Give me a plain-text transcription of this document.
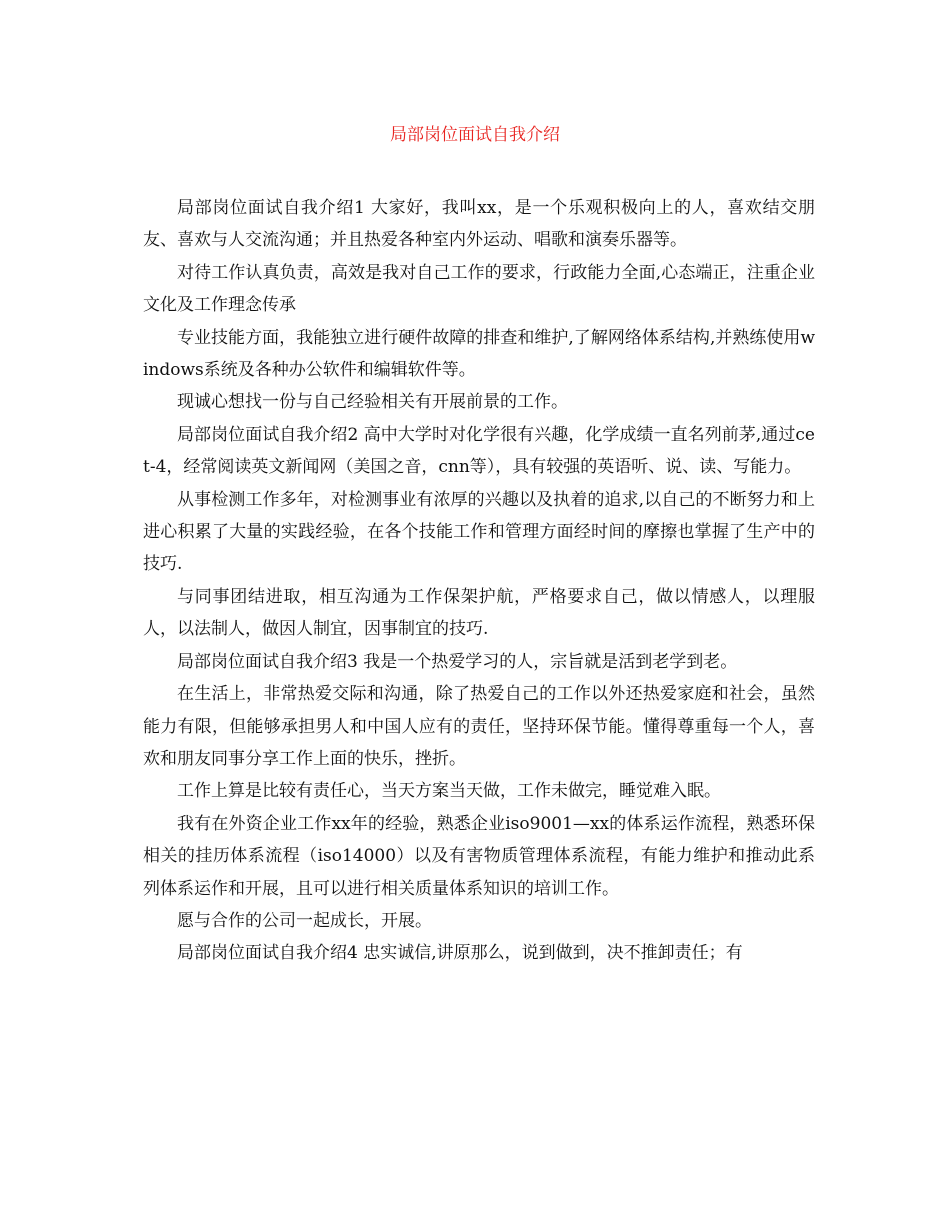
局部岗位面试自我介绍

局部岗位面试自我介绍1 大家好，我叫xx，是一个乐观积极向上的人，喜欢结交朋友、喜欢与人交流沟通；并且热爱各种室内外运动、唱歌和演奏乐器等。

对待工作认真负责，高效是我对自己工作的要求，行政能力全面,心态端正，注重企业文化及工作理念传承

专业技能方面，我能独立进行硬件故障的排查和维护,了解网络体系结构,并熟练使用windows系统及各种办公软件和编辑软件等。

现诚心想找一份与自己经验相关有开展前景的工作。

局部岗位面试自我介绍2 高中大学时对化学很有兴趣，化学成绩一直名列前茅,通过cet-4，经常阅读英文新闻网（美国之音，cnn等），具有较强的英语听、说、读、写能力。

从事检测工作多年，对检测事业有浓厚的兴趣以及执着的追求,以自己的不断努力和上进心积累了大量的实践经验，在各个技能工作和管理方面经时间的摩擦也掌握了生产中的技巧.

与同事团结进取，相互沟通为工作保架护航，严格要求自己，做以情感人，以理服人，以法制人，做因人制宜，因事制宜的技巧.

局部岗位面试自我介绍3 我是一个热爱学习的人，宗旨就是活到老学到老。

在生活上，非常热爱交际和沟通，除了热爱自己的工作以外还热爱家庭和社会，虽然能力有限，但能够承担男人和中国人应有的责任，坚持环保节能。懂得尊重每一个人，喜欢和朋友同事分享工作上面的快乐，挫折。

工作上算是比较有责任心，当天方案当天做，工作未做完，睡觉难入眠。

我有在外资企业工作xx年的经验，熟悉企业iso9001—xx的体系运作流程，熟悉环保相关的挂历体系流程（iso14000）以及有害物质管理体系流程，有能力维护和推动此系列体系运作和开展，且可以进行相关质量体系知识的培训工作。

愿与合作的公司一起成长，开展。

局部岗位面试自我介绍4 忠实诚信,讲原那么，说到做到，决不推卸责任；有
